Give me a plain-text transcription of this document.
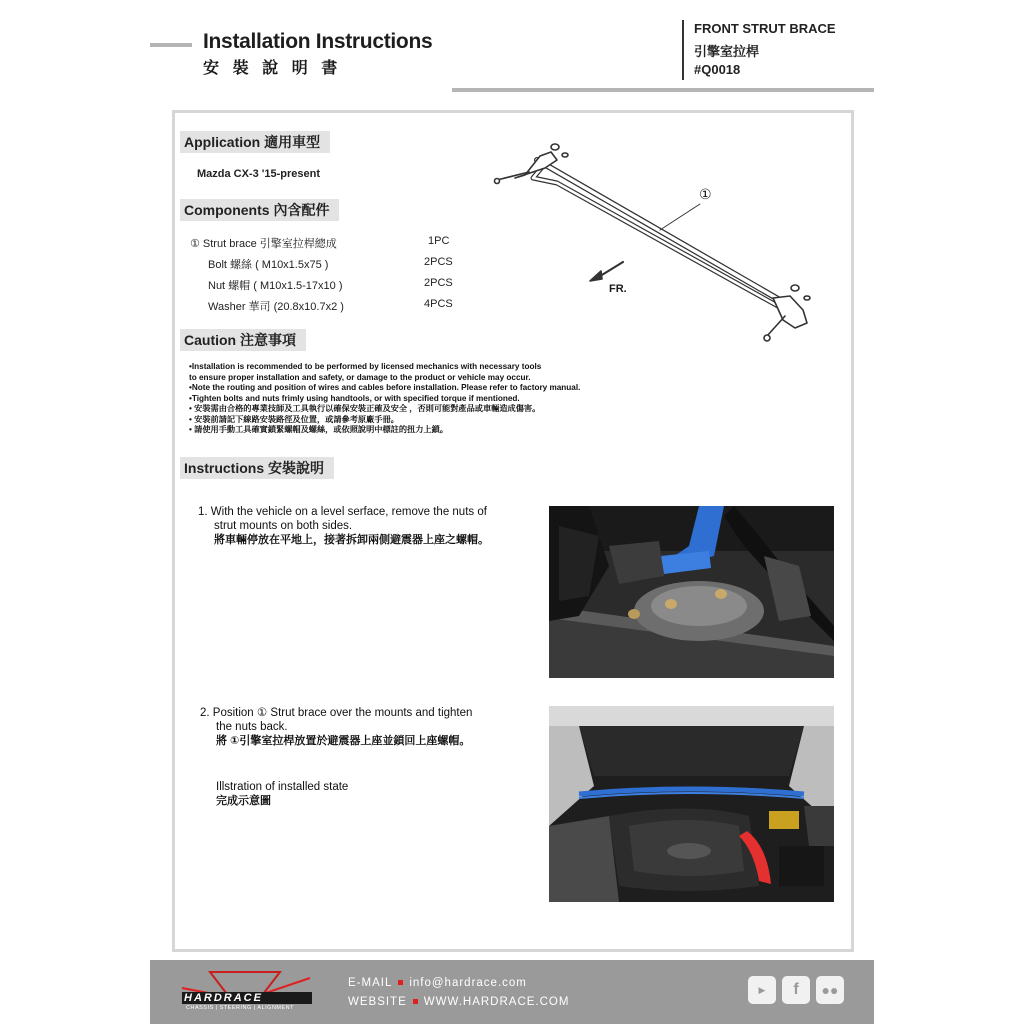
Installation Instructions
安 裝 說 明 書
FRONT STRUT BRACE
引擎室拉桿
#Q0018
Application 適用車型
Mazda CX-3 '15-present
Components 內含配件
① Strut brace 引擎室拉桿總成	1PC
Bolt 螺絲 ( M10x1.5x75 )	2PCS
Nut 螺帽 ( M10x1.5-17x10 )	2PCS
Washer 華司 (20.8x10.7x2 )	4PCS
①
FR.
Caution 注意事項
•Installation is recommended to be performed by licensed mechanics with necessary tools
to ensure proper installation and safety, or damage to the product or vehicle may occur.
•Note the routing and position of wires and cables before installation. Please refer to factory manual.
•Tighten bolts and nuts frimly using handtools, or with specified torque if mentioned.
• 安裝需由合格的專業技師及工具執行以確保安裝正確及安全 ，否則可能對產品或車輛造成傷害。
• 安裝前請記下線路安裝路徑及位置，或請參考原廠手冊。
• 請使用手動工具確實鎖緊螺帽及螺絲，或依照說明中標註的扭力上鎖。
Instructions 安裝說明
1. With the vehicle on a level serface, remove the nuts of
strut mounts on both sides.
將車輛停放在平地上，接著拆卸兩側避震器上座之螺帽。
2. Position ① Strut brace over the mounts and tighten
the nuts back.
將 ①引擎室拉桿放置於避震器上座並鎖回上座螺帽。
Illstration of installed state
完成示意圖
HARDRACE
CHASSIS | STEERING | ALIGNMENT
E-MAIL info@hardrace.com
WEBSITE WWW.HARDRACE.COM
▶	f	●●
